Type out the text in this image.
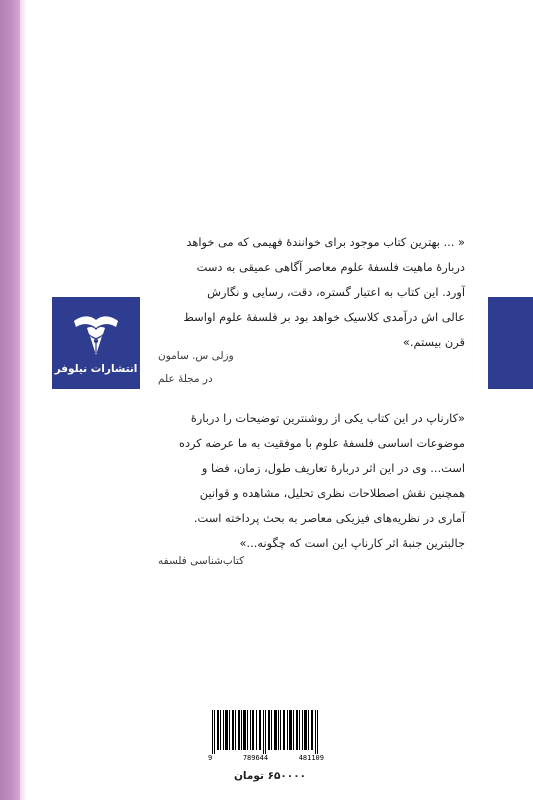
انتشارات نیلوفر
« ... بهترین کتاب موجود برای خوانندهٔ فهیمی که می خواهد
دربارهٔ ماهیت فلسفهٔ علوم معاصر آگاهی عمیقی به دست
آورد. این کتاب به اعتبار گستره، دقت، رسایی و نگارش
عالی اش درآمدی کلاسیک خواهد بود بر فلسفهٔ علوم اواسط
قرن بیستم.»
وزلی س. سامون
در مجلهٔ علم
«کارناپ در این کتاب یکی از روشنترین توضیحات را دربارهٔ
موضوعات اساسی فلسفهٔ علوم با موفقیت به ما عرضه کرده
است... وی در این اثر دربارهٔ تعاریف طول، زمان، فضا و
همچنین نقش اصطلاحات نظری تحلیل، مشاهده و قوانین
آماری در نظریه‌های فیزیکی معاصر به بحث پرداخته است.
جالبترین جنبهٔ اثر کارناپ این است که چگونه...»
کتاب‌شناسی فلسفه
9	789644	481109
۶۵۰۰۰۰ تومان
